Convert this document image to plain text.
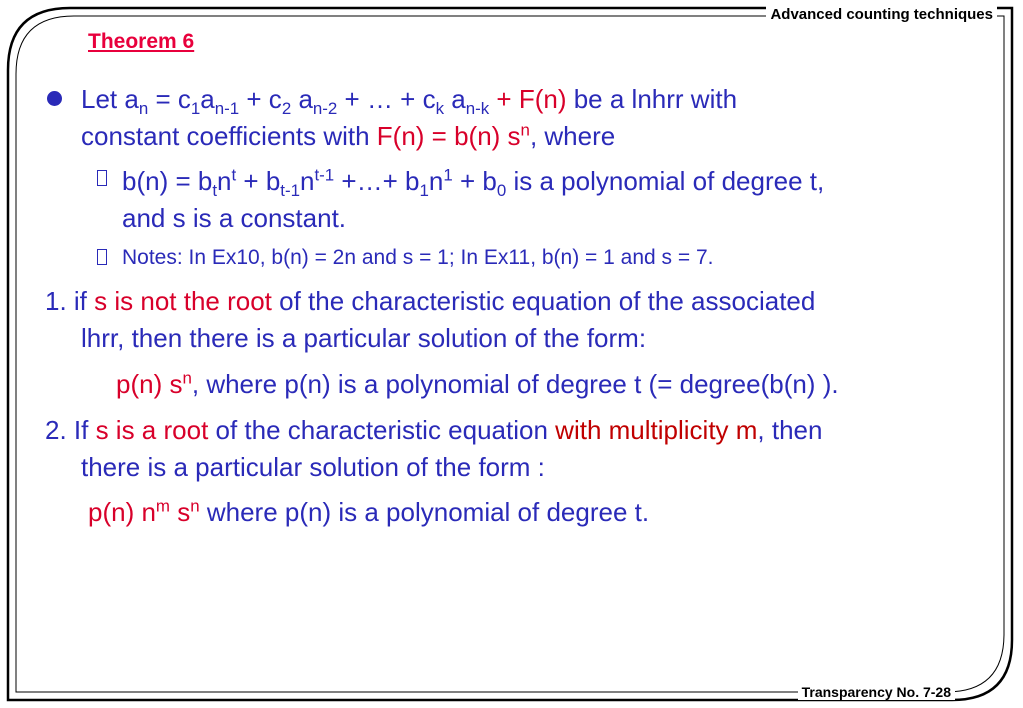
Advanced counting techniques
Transparency No. 7-28
Theorem 6
Let $a_n = c_1a_{n-1} + c_2$ $a_{n-2}$ + … + $c_k$ $a_{n-k} + F(n)$ be a lnhrr with
constant coefficients with F(n) = b(n) $s^n$, where
$b(n) = b_tn^t + b_{t-1}n^{t-1}$ +…+ $b_1n^1 + b_0$ is a polynomial of degree t,
and s is a constant.
Notes: In Ex10, b(n) = 2n and s = 1; In Ex11, b(n) = 1 and s = 7.
1. if s is not the root of the characteristic equation of the associated
lhrr, then there is a particular solution of the form:
p(n) $s^n$, where p(n) is a polynomial of degree t (= degree(b(n) ).
2. If s is a root of the characteristic equation with multiplicity m, then
there is a particular solution of the form :
p(n) $n^m$ $s^n$ where p(n) is a polynomial of degree t.
